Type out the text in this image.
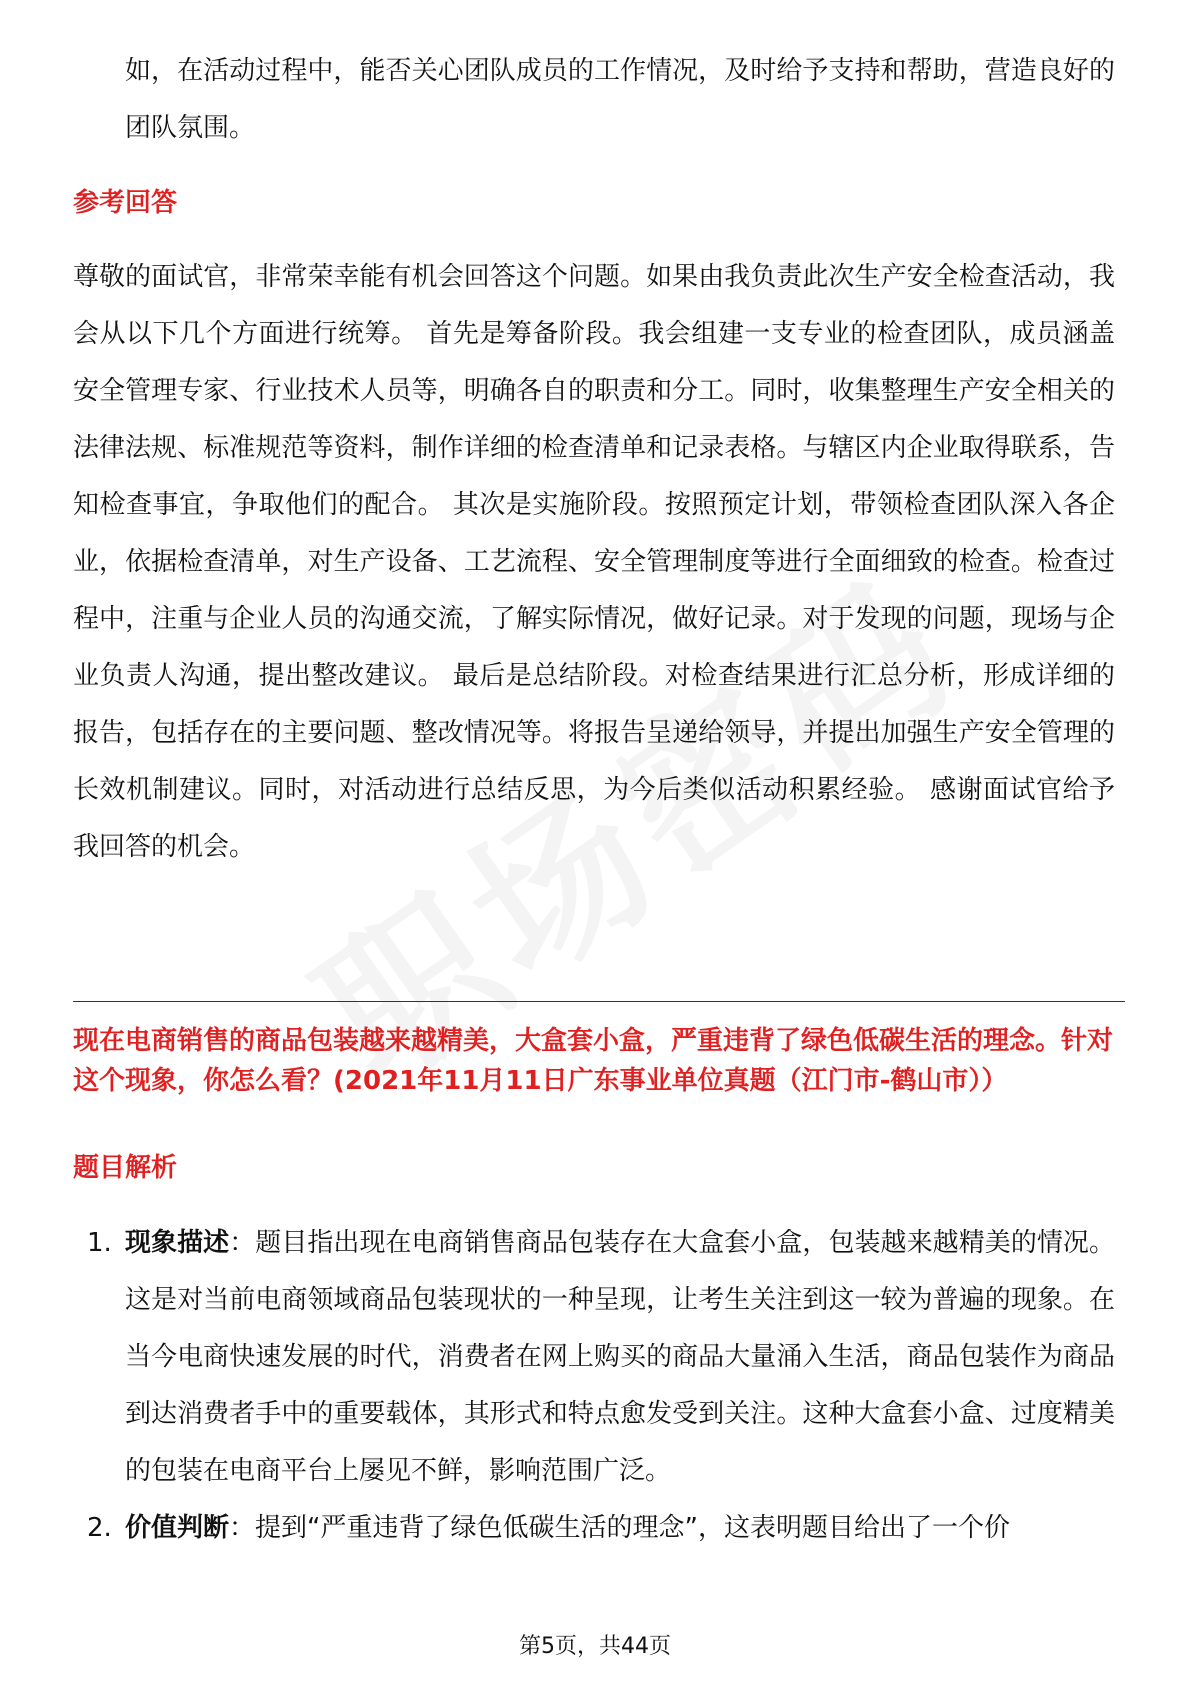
如，在活动过程中，能否关心团队成员的工作情况，及时给予支持和帮助，营造良好的团队氛围。

参考回答

尊敬的面试官，非常荣幸能有机会回答这个问题。如果由我负责此次生产安全检查活动，我会从以下几个方面进行统筹。 首先是筹备阶段。我会组建一支专业的检查团队，成员涵盖安全管理专家、行业技术人员等，明确各自的职责和分工。同时，收集整理生产安全相关的法律法规、标准规范等资料，制作详细的检查清单和记录表格。与辖区内企业取得联系，告知检查事宜，争取他们的配合。 其次是实施阶段。按照预定计划，带领检查团队深入各企业，依据检查清单，对生产设备、工艺流程、安全管理制度等进行全面细致的检查。检查过程中，注重与企业人员的沟通交流，了解实际情况，做好记录。对于发现的问题，现场与企业负责人沟通，提出整改建议。 最后是总结阶段。对检查结果进行汇总分析，形成详细的报告，包括存在的主要问题、整改情况等。将报告呈递给领导，并提出加强生产安全管理的长效机制建议。同时，对活动进行总结反思，为今后类似活动积累经验。 感谢面试官给予我回答的机会。

现在电商销售的商品包装越来越精美，大盒套小盒，严重违背了绿色低碳生活的理念。针对这个现象，你怎么看？(2021年11月11日广东事业单位真题（江门市-鹤山市））

题目解析

1. 现象描述：题目指出现在电商销售商品包装存在大盒套小盒，包装越来越精美的情况。这是对当前电商领域商品包装现状的一种呈现，让考生关注到这一较为普遍的现象。在当今电商快速发展的时代，消费者在网上购买的商品大量涌入生活，商品包装作为商品到达消费者手中的重要载体，其形式和特点愈发受到关注。这种大盒套小盒、过度精美的包装在电商平台上屡见不鲜，影响范围广泛。

2. 价值判断：提到“严重违背了绿色低碳生活的理念”，这表明题目给出了一个价

第5页，共44页
